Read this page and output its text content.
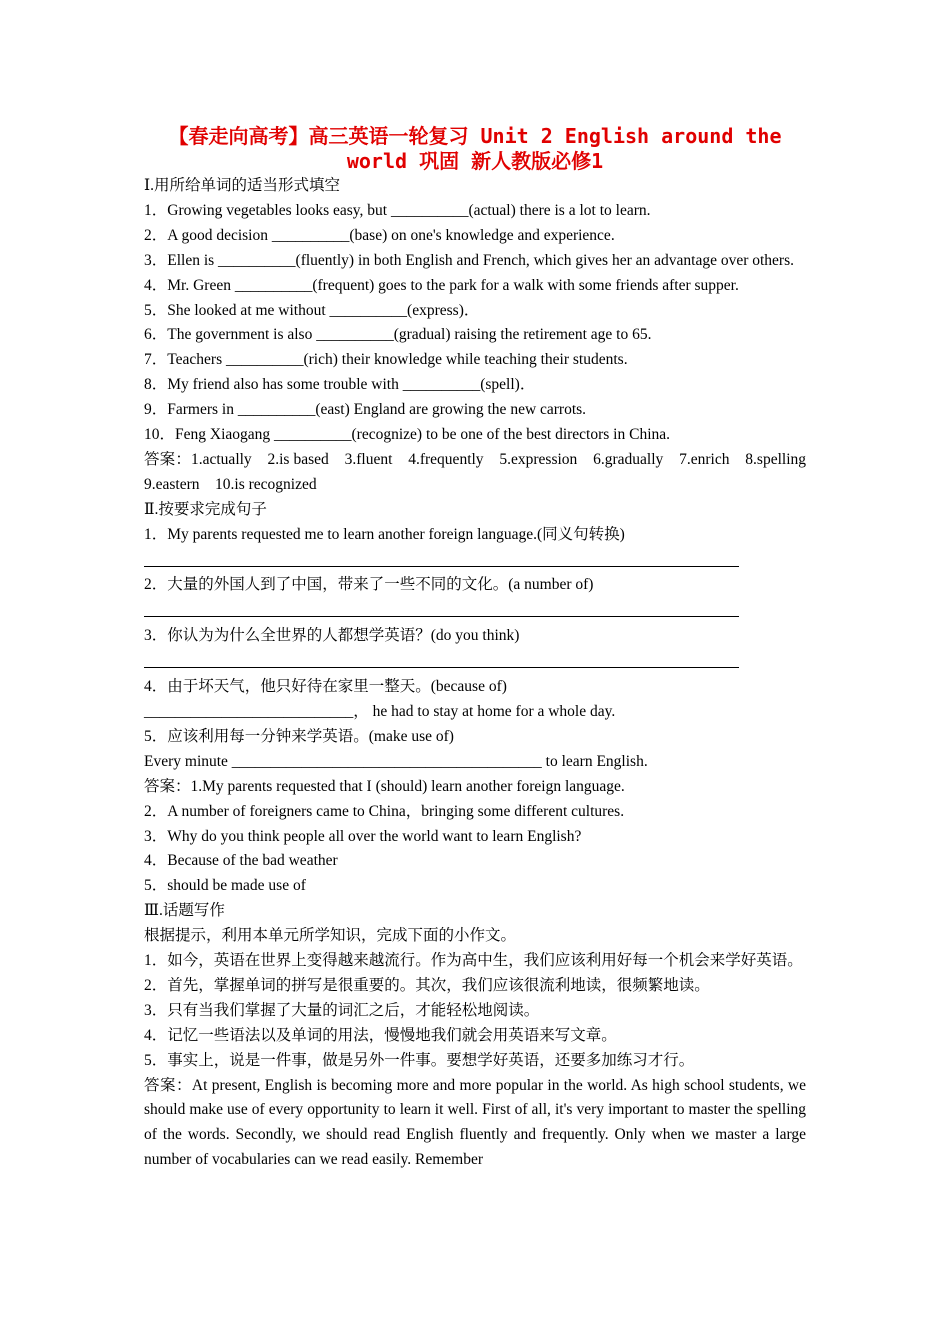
【春走向高考】高三英语一轮复习 Unit 2 English around the
world 巩固 新人教版必修1

Ⅰ.用所给单词的适当形式填空

1．Growing vegetables looks easy, but __________(actual) there is a lot to learn.

2．A good decision __________(base) on one's knowledge and experience.

3．Ellen is __________(fluently) in both English and French, which gives her an advantage over others.

4．Mr. Green __________(frequent) goes to the park for a walk with some friends after supper.

5．She looked at me without __________(express)．

6．The government is also __________(gradual) raising the retirement age to 65.

7．Teachers __________(rich) their knowledge while teaching their students.

8．My friend also has some trouble with __________(spell)．

9．Farmers in __________(east) England are growing the new carrots.

10．Feng Xiaogang __________(recognize) to be one of the best directors in China.

答案：1.actually　2.is based　3.fluent　4.frequently　5.expression　6.gradually　7.enrich　8.spelling　9.eastern　10.is recognized

Ⅱ.按要求完成句子

1．My parents requested me to learn another foreign language.(同义句转换)

2．大量的外国人到了中国，带来了一些不同的文化。(a number of)

3．你认为为什么全世界的人都想学英语？(do you think)

4．由于坏天气，他只好待在家里一整天。(because of)

___________________________， he had to stay at home for a whole day.

5．应该利用每一分钟来学英语。(make use of)

Every minute ________________________________________ to learn English.

答案：1.My parents requested that I (should) learn another foreign language.

2．A number of foreigners came to China，bringing some different cultures.

3．Why do you think people all over the world want to learn English?

4．Because of the bad weather

5．should be made use of

Ⅲ.话题写作

根据提示，利用本单元所学知识，完成下面的小作文。

1．如今，英语在世界上变得越来越流行。作为高中生，我们应该利用好每一个机会来学好英语。

2．首先，掌握单词的拼写是很重要的。其次，我们应该很流利地读，很频繁地读。

3．只有当我们掌握了大量的词汇之后，才能轻松地阅读。

4．记忆一些语法以及单词的用法，慢慢地我们就会用英语来写文章。

5．事实上，说是一件事，做是另外一件事。要想学好英语，还要多加练习才行。

答案：At present, English is becoming more and more popular in the world. As high school students, we should make use of every opportunity to learn it well. First of all, it's very important to master the spelling of the words. Secondly, we should read English fluently and frequently. Only when we master a large number of vocabularies can we read easily. Remember
